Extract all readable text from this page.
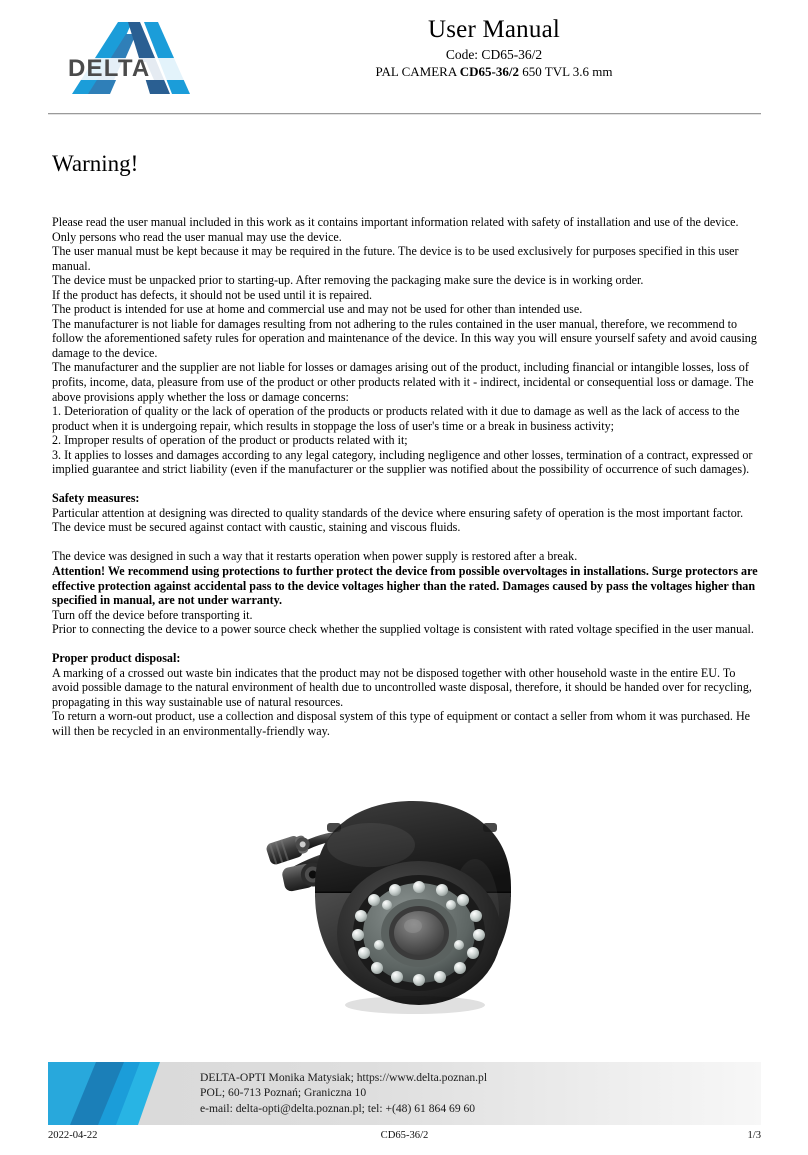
DELTA
User Manual
Code: CD65-36/2
PAL CAMERA CD65-36/2 650 TVL 3.6 mm
Warning!

Please read the user manual included in this work as it contains important information related with safety of installation and use of the device.

Only persons who read the user manual may use the device.

The user manual must be kept because it may be required in the future. The device is to be used exclusively for purposes specified in this user manual.

The device must be unpacked prior to starting-up. After removing the packaging make sure the device is in working order.

If the product has defects, it should not be used until it is repaired.

The product is intended for use at home and commercial use and may not be used for other than intended use.

The manufacturer is not liable for damages resulting from not adhering to the rules contained in the user manual, therefore, we recommend to follow the aforementioned safety rules for operation and maintenance of the device. In this way you will ensure yourself safety and avoid causing damage to the device.

The manufacturer and the supplier are not liable for losses or damages arising out of the product, including financial or intangible losses, loss of profits, income, data, pleasure from use of the product or other products related with it - indirect, incidental or consequential loss or damage. The above provisions apply whether the loss or damage concerns:

1. Deterioration of quality or the lack of operation of the products or products related with it due to damage as well as the lack of access to the product when it is undergoing repair, which results in stoppage the loss of user's time or a break in business activity;

2. Improper results of operation of the product or products related with it;

3. It applies to losses and damages according to any legal category, including negligence and other losses, termination of a contract, expressed or implied guarantee and strict liability (even if the manufacturer or the supplier was notified about the possibility of occurrence of such damages).

Safety measures:

Particular attention at designing was directed to quality standards of the device where ensuring safety of operation is the most important factor.

The device must be secured against contact with caustic, staining and viscous fluids.

The device was designed in such a way that it restarts operation when power supply is restored after a break.

Attention! We recommend using protections to further protect the device from possible overvoltages in installations. Surge protectors are effective protection against accidental pass to the device voltages higher than the rated. Damages caused by pass the voltages higher than specified in manual, are not under warranty.

Turn off the device before transporting it.

Prior to connecting the device to a power source check whether the supplied voltage is consistent with rated voltage specified in the user manual.

Proper product disposal:

A marking of a crossed out waste bin indicates that the product may not be disposed together with other household waste in the entire EU. To avoid possible damage to the natural environment of health due to uncontrolled waste disposal, therefore, it should be handed over for recycling, propagating in this way sustainable use of natural resources.

To return a worn-out product, use a collection and disposal system of this type of equipment or contact a seller from whom it was purchased. He will then be recycled in an environmentally-friendly way.

DELTA-OPTI Monika Matysiak; https://www.delta.poznan.pl
POL; 60-713 Poznań; Graniczna 10
e-mail: delta-opti@delta.poznan.pl; tel: +(48) 61 864 69 60
2022-04-22	CD65-36/2	1/3
